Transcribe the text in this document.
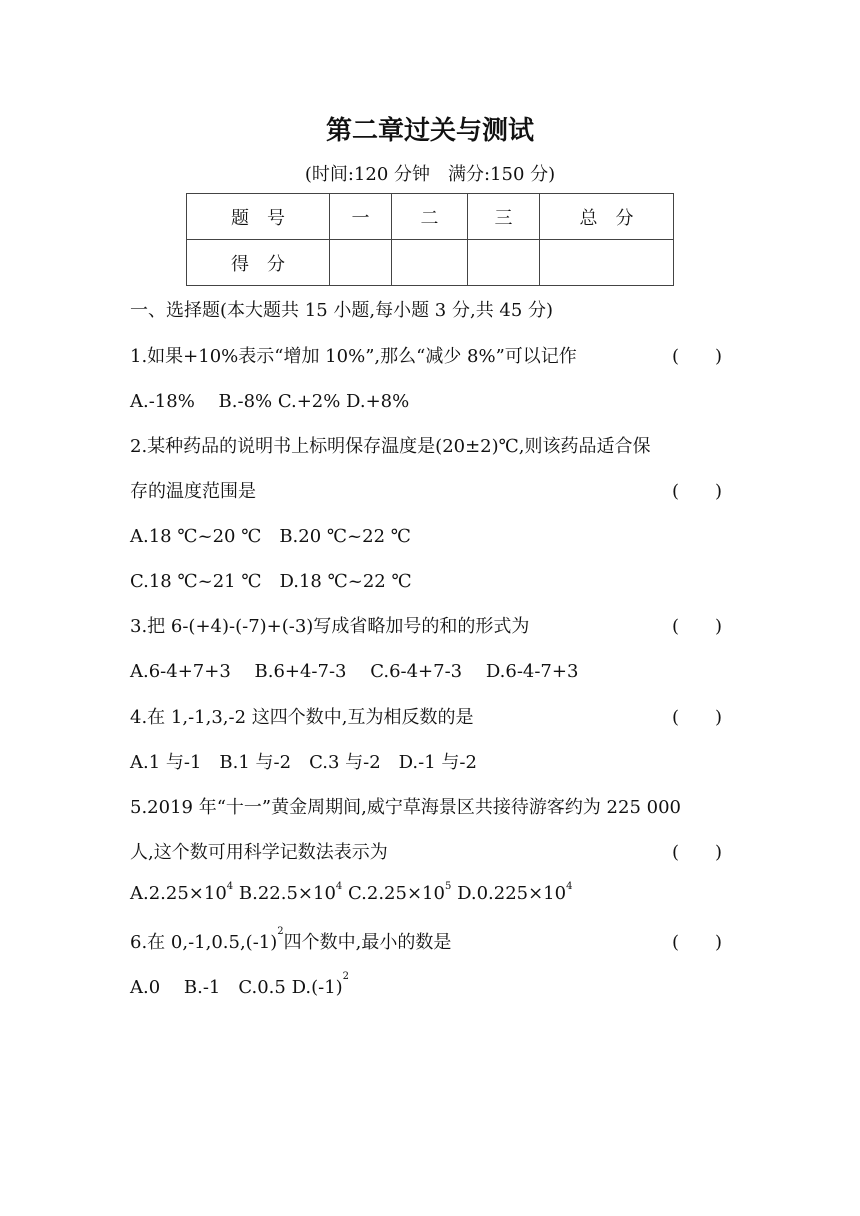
第二章过关与测试
(时间:120 分钟　满分:150 分)
题　号	一	二	三	总　分
得　分				
一、选择题(本大题共 15 小题,每小题 3 分,共 45 分)
1.如果+10%表示“增加 10%”,那么“减少 8%”可以记作	(　　)
A.-18%　 B.-8% C.+2% D.+8%
2.某种药品的说明书上标明保存温度是(20±2)℃,则该药品适合保
存的温度范围是	(　　)
A.18 ℃~20 ℃　B.20 ℃~22 ℃
C.18 ℃~21 ℃　D.18 ℃~22 ℃
3.把 6-(+4)-(-7)+(-3)写成省略加号的和的形式为	(　　)
A.6-4+7+3　 B.6+4-7-3　 C.6-4+7-3　 D.6-4-7+3
4.在 1,-1,3,-2 这四个数中,互为相反数的是	(　　)
A.1 与-1　B.1 与-2　C.3 与-2　D.-1 与-2
5.2019 年“十一”黄金周期间,威宁草海景区共接待游客约为 225 000
人,这个数可用科学记数法表示为	(　　)
$A.2.25\times 10^4$ $B.22.5\times 10^4$ $C.2.25\times 10^5$ $D.0.225\times 10^4$
6.在 $0,-1,0.5,(-1)^2$四个数中,最小的数是	(　　)
A.0　 B.-1　C.0.5 $D.(-1)^2$
